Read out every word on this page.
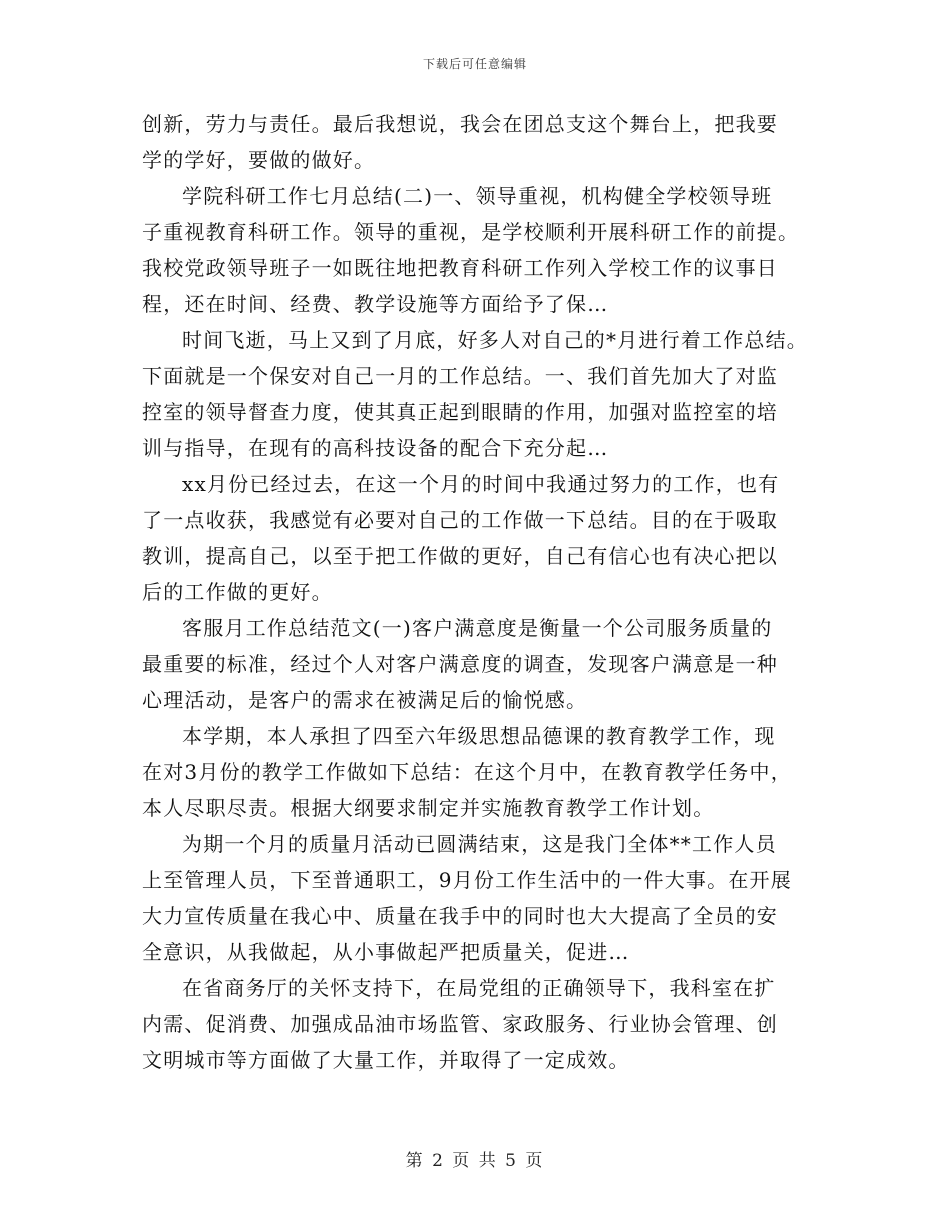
下载后可任意编辑

创新，劳力与责任。最后我想说，我会在团总支这个舞台上，把我要
学的学好，要做的做好。

学院科研工作七月总结(二)一、领导重视，机构健全学校领导班
子重视教育科研工作。领导的重视，是学校顺利开展科研工作的前提。
我校党政领导班子一如既往地把教育科研工作列入学校工作的议事日
程，还在时间、经费、教学设施等方面给予了保…

时间飞逝，马上又到了月底，好多人对自己的*月进行着工作总结。
下面就是一个保安对自己一月的工作总结。一、我们首先加大了对监
控室的领导督查力度，使其真正起到眼睛的作用，加强对监控室的培
训与指导，在现有的高科技设备的配合下充分起…

xx月份已经过去，在这一个月的时间中我通过努力的工作，也有
了一点收获，我感觉有必要对自己的工作做一下总结。目的在于吸取
教训，提高自己，以至于把工作做的更好，自己有信心也有决心把以
后的工作做的更好。

客服月工作总结范文(一)客户满意度是衡量一个公司服务质量的
最重要的标准，经过个人对客户满意度的调查，发现客户满意是一种
心理活动，是客户的需求在被满足后的愉悦感。

本学期，本人承担了四至六年级思想品德课的教育教学工作，现
在对3月份的教学工作做如下总结：在这个月中，在教育教学任务中，
本人尽职尽责。根据大纲要求制定并实施教育教学工作计划。

为期一个月的质量月活动已圆满结束，这是我门全体**工作人员
上至管理人员，下至普通职工，9月份工作生活中的一件大事。在开展
大力宣传质量在我心中、质量在我手中的同时也大大提高了全员的安
全意识，从我做起，从小事做起严把质量关，促进…

在省商务厅的关怀支持下，在局党组的正确领导下，我科室在扩
内需、促消费、加强成品油市场监管、家政服务、行业协会管理、创
文明城市等方面做了大量工作，并取得了一定成效。

第 2 页 共 5 页
